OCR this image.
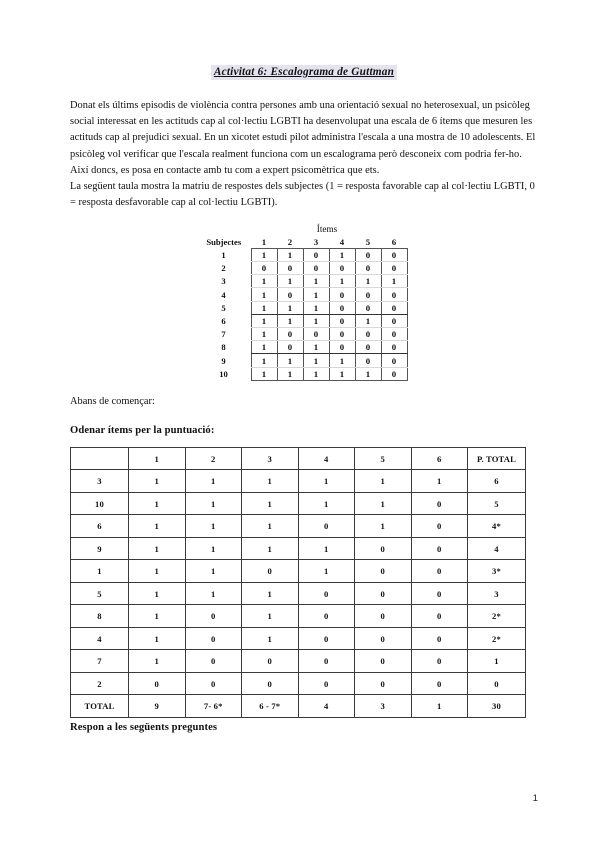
Activitat 6: Escalograma de Guttman

Donat els últims episodis de violència contra persones amb una orientació sexual no heterosexual, un psicòleg social interessat en les actituds cap al col·lectiu LGBTI ha desenvolupat una escala de 6 ítems que mesuren les actituds cap al prejudici sexual. En un xicotet estudi pilot administra l'escala a una mostra de 10 adolescents. El psicòleg vol verificar que l'escala realment funciona com un escalograma però desconeix com podria fer-ho.

Així doncs, es posa en contacte amb tu com a expert psicomètrica que ets.

La següent taula mostra la matriu de respostes dels subjectes (1 = resposta favorable cap al col·lectiu LGBTI, 0 = resposta desfavorable cap al col·lectiu LGBTI).

Ítems
Subjectes	1	2	3	4	5	6
1	1	1	0	1	0	0
2	0	0	0	0	0	0
3	1	1	1	1	1	1
4	1	0	1	0	0	0
5	1	1	1	0	0	0
6	1	1	1	0	1	0
7	1	0	0	0	0	0
8	1	0	1	0	0	0
9	1	1	1	1	0	0
10	1	1	1	1	1	0

Abans de començar:

Odenar ítems per la puntuació:

	1	2	3	4	5	6	P. TOTAL
3	1	1	1	1	1	1	6
10	1	1	1	1	1	0	5
6	1	1	1	0	1	0	4*
9	1	1	1	1	0	0	4
1	1	1	0	1	0	0	3*
5	1	1	1	0	0	0	3
8	1	0	1	0	0	0	2*
4	1	0	1	0	0	0	2*
7	1	0	0	0	0	0	1
2	0	0	0	0	0	0	0
TOTAL	9	7- 6*	6 - 7*	4	3	1	30

Respon a les següents preguntes

1
